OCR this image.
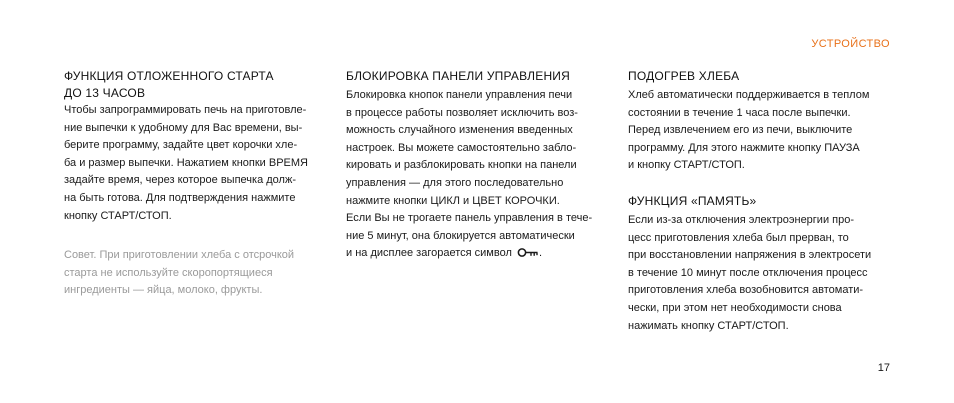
УСТРОЙСТВО
ФУНКЦИЯ ОТЛОЖЕННОГО СТАРТА
ДО 13 ЧАСОВ

Чтобы запрограммировать печь на приготовле-
ние выпечки к удобному для Вас времени, вы-
берите программу, задайте цвет корочки хле-
ба и размер выпечки. Нажатием кнопки ВРЕМЯ
задайте время, через которое выпечка долж-
на быть готова. Для подтверждения нажмите
кнопку СТАРТ/СТОП.

Совет. При приготовлении хлеба с отсрочкой
старта не используйте скоропортящиеся
ингредиенты — яйца, молоко, фрукты.

БЛОКИРОВКА ПАНЕЛИ УПРАВЛЕНИЯ

Блокировка кнопок панели управления печи
в процессе работы позволяет исключить воз-
можность случайного изменения введенных
настроек. Вы можете самостоятельно забло-
кировать и разблокировать кнопки на панели
управления — для этого последовательно
нажмите кнопки ЦИКЛ и ЦВЕТ КОРОЧКИ.
Если Вы не трогаете панель управления в тече-
ние 5 минут, она блокируется автоматически
и на дисплее загорается символ .

ПОДОГРЕВ ХЛЕБА

Хлеб автоматически поддерживается в теплом
состоянии в течение 1 часа после выпечки.
Перед извлечением его из печи, выключите
программу. Для этого нажмите кнопку ПАУЗА
и кнопку СТАРТ/СТОП.

ФУНКЦИЯ «ПАМЯТЬ»

Если из-за отключения электроэнергии про-
цесс приготовления хлеба был прерван, то
при восстановлении напряжения в электросети
в течение 10 минут после отключения процесс
приготовления хлеба возобновится автомати-
чески, при этом нет необходимости снова
нажимать кнопку СТАРТ/СТОП.

17
